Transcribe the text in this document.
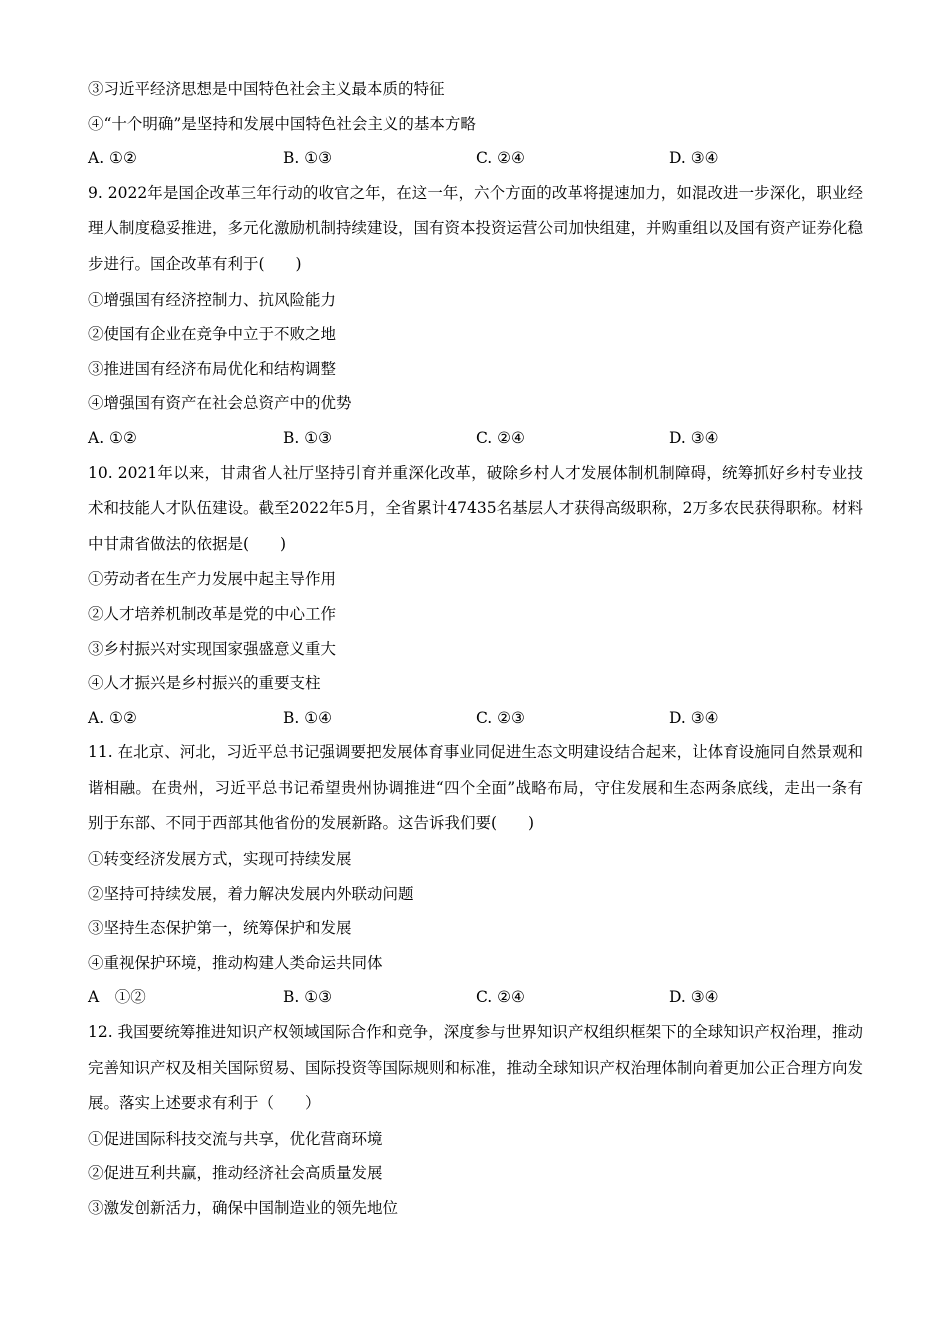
③习近平经济思想是中国特色社会主义最本质的特征
④“十个明确”是坚持和发展中国特色社会主义的基本方略
A. ①②	B. ①③	C. ②④	D. ③④
9. 2022年是国企改革三年行动的收官之年，在这一年，六个方面的改革将提速加力，如混改进一步深化，职业经理人制度稳妥推进，多元化激励机制持续建设，国有资本投资运营公司加快组建，并购重组以及国有资产证券化稳步进行。国企改革有利于(　　)
①增强国有经济控制力、抗风险能力
②使国有企业在竞争中立于不败之地
③推进国有经济布局优化和结构调整
④增强国有资产在社会总资产中的优势
A. ①②	B. ①③	C. ②④	D. ③④
10. 2021年以来，甘肃省人社厅坚持引育并重深化改革，破除乡村人才发展体制机制障碍，统筹抓好乡村专业技术和技能人才队伍建设。截至2022年5月，全省累计47435名基层人才获得高级职称，2万多农民获得职称。材料中甘肃省做法的依据是(　　)
①劳动者在生产力发展中起主导作用
②人才培养机制改革是党的中心工作
③乡村振兴对实现国家强盛意义重大
④人才振兴是乡村振兴的重要支柱
A. ①②	B. ①④	C. ②③	D. ③④
11. 在北京、河北，习近平总书记强调要把发展体育事业同促进生态文明建设结合起来，让体育设施同自然景观和谐相融。在贵州，习近平总书记希望贵州协调推进“四个全面”战略布局，守住发展和生态两条底线，走出一条有别于东部、不同于西部其他省份的发展新路。这告诉我们要(　　)
①转变经济发展方式，实现可持续发展
②坚持可持续发展，着力解决发展内外联动问题
③坚持生态保护第一，统筹保护和发展
④重视保护环境，推动构建人类命运共同体
A　①②	B. ①③	C. ②④	D. ③④
12. 我国要统筹推进知识产权领域国际合作和竞争，深度参与世界知识产权组织框架下的全球知识产权治理，推动完善知识产权及相关国际贸易、国际投资等国际规则和标准，推动全球知识产权治理体制向着更加公正合理方向发展。落实上述要求有利于（　　）
①促进国际科技交流与共享，优化营商环境
②促进互利共赢，推动经济社会高质量发展
③激发创新活力，确保中国制造业的领先地位
